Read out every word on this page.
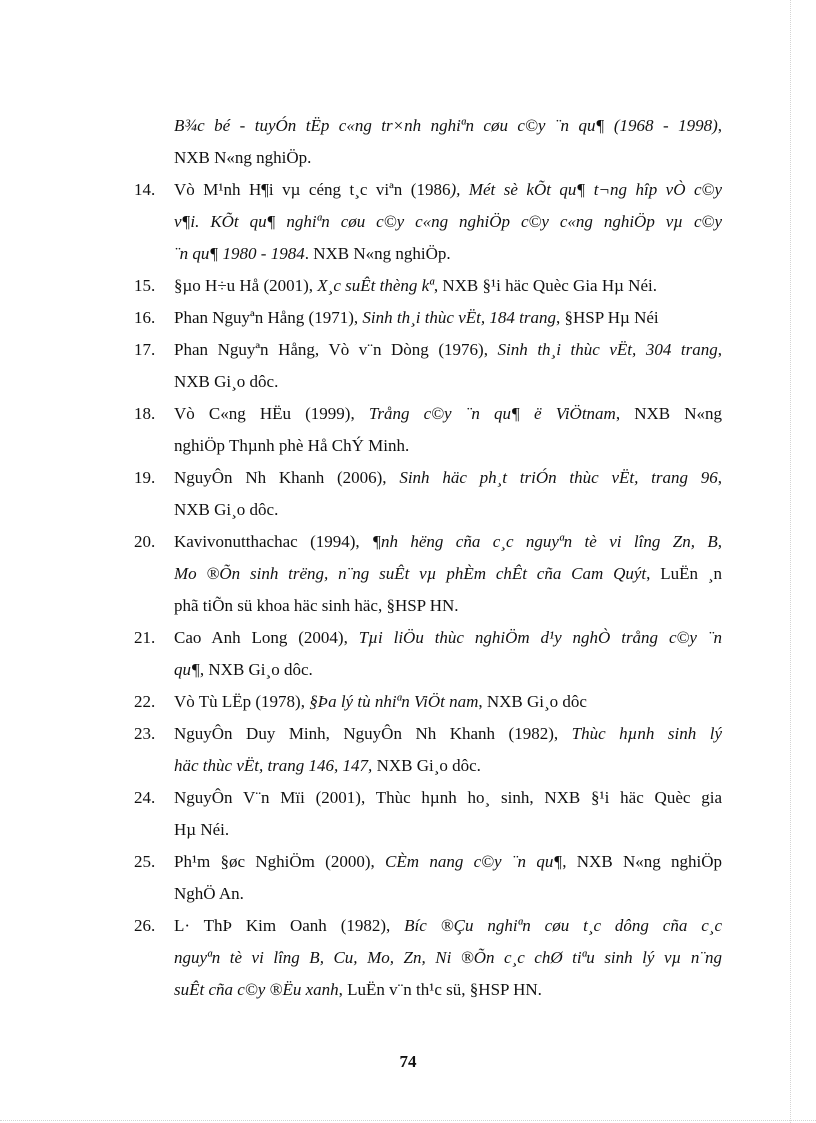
B¾c bé - tuyÓn tËp c«ng tr×nh nghiªn cøu c©y ¨n qu¶ (1968 - 1998),
NXB N«ng nghiÖp.
14. Vò M¹nh H¶i vµ céng t¸c viªn (1986), Mét sè kÕt qu¶ t¬ng hîp vÒ c©y
v¶i. KÕt qu¶ nghiªn cøu c©y c«ng nghiÖp c©y c«ng nghiÖp vµ c©y
¨n qu¶ 1980 - 1984. NXB N«ng nghiÖp.
15. §µo H÷u Hå (2001), X¸c suÊt thèng kª, NXB §¹i häc Quèc Gia Hµ Néi.
16. Phan Nguyªn Hång (1971), Sinh th¸i thùc vËt, 184 trang, §HSP Hµ Néi
17. Phan Nguyªn Hång, Vò v¨n Dòng (1976), Sinh th¸i thùc vËt, 304 trang,
NXB Gi¸o dôc.
18. Vò C«ng HËu (1999), Trång c©y ¨n qu¶ ë ViÖtnam, NXB N«ng
nghiÖp Thµnh phè Hå ChÝ Minh.
19. NguyÔn Nh Khanh (2006), Sinh häc ph¸t triÓn thùc vËt, trang 96,
NXB Gi¸o dôc.
20. Kavivonutthachac (1994), ¶nh hëng cña c¸c nguyªn tè vi lîng Zn, B,
Mo ®Õn sinh trëng, n¨ng suÊt vµ phÈm chÊt cña Cam Quýt, LuËn ¸n
phã tiÕn sü khoa häc sinh häc, §HSP HN.
21. Cao Anh Long (2004), Tµi liÖu thùc nghiÖm d¹y nghÒ trång c©y ¨n
qu¶, NXB Gi¸o dôc.
22. Vò Tù LËp (1978), §Þa lý tù nhiªn ViÖt nam, NXB Gi¸o dôc
23. NguyÔn Duy Minh, NguyÔn Nh Khanh (1982), Thùc hµnh sinh lý
häc thùc vËt, trang 146, 147, NXB Gi¸o dôc.
24. NguyÔn V¨n Mïi (2001), Thùc hµnh ho¸ sinh, NXB §¹i häc Quèc gia
Hµ Néi.
25. Ph¹m §øc NghiÖm (2000), CÈm nang c©y ¨n qu¶, NXB N«ng nghiÖp
NghÖ An.
26. L· ThÞ Kim Oanh (1982), Bíc ®Çu nghiªn cøu t¸c dông cña c¸c
nguyªn tè vi lîng B, Cu, Mo, Zn, Ni ®Õn c¸c chØ tiªu sinh lý vµ n¨ng
suÊt cña c©y ®Ëu xanh, LuËn v¨n th¹c sü, §HSP HN.
74
